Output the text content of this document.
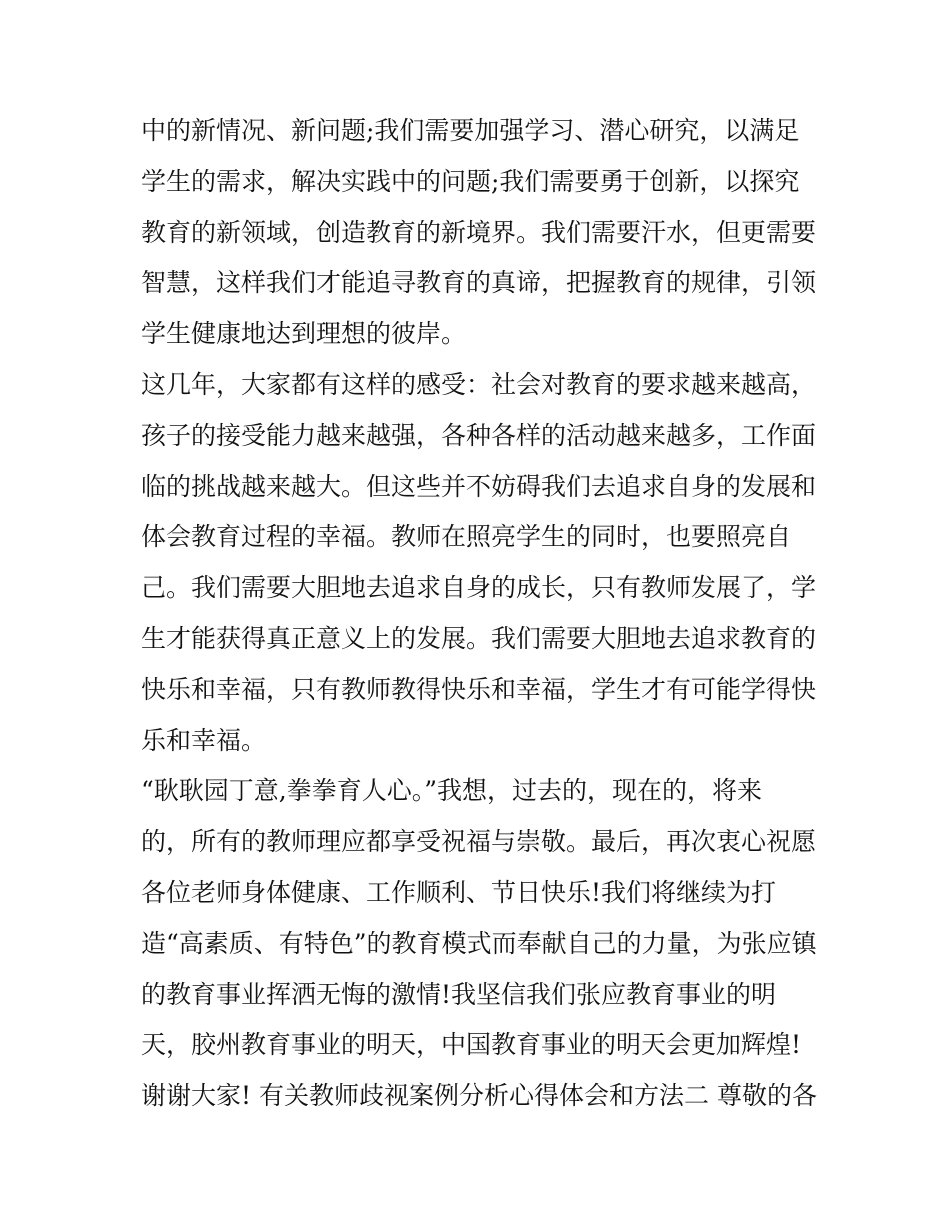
中的新情况、新问题;我们需要加强学习、潜心研究，以满足
学生的需求，解决实践中的问题;我们需要勇于创新，以探究
教育的新领域，创造教育的新境界。我们需要汗水，但更需要
智慧，这样我们才能追寻教育的真谛，把握教育的规律，引领
学生健康地达到理想的彼岸。
这几年，大家都有这样的感受：社会对教育的要求越来越高，
孩子的接受能力越来越强，各种各样的活动越来越多，工作面
临的挑战越来越大。但这些并不妨碍我们去追求自身的发展和
体会教育过程的幸福。教师在照亮学生的同时，也要照亮自
己。我们需要大胆地去追求自身的成长，只有教师发展了，学
生才能获得真正意义上的发展。我们需要大胆地去追求教育的
快乐和幸福，只有教师教得快乐和幸福，学生才有可能学得快
乐和幸福。
“耿耿园丁意,拳拳育人心。”我想，过去的，现在的，将来
的，所有的教师理应都享受祝福与崇敬。最后，再次衷心祝愿
各位老师身体健康、工作顺利、节日快乐!我们将继续为打
造“高素质、有特色”的教育模式而奉献自己的力量，为张应镇
的教育事业挥洒无悔的激情!我坚信我们张应教育事业的明
天，胶州教育事业的明天，中国教育事业的明天会更加辉煌!
谢谢大家! 有关教师歧视案例分析心得体会和方法二 尊敬的各
